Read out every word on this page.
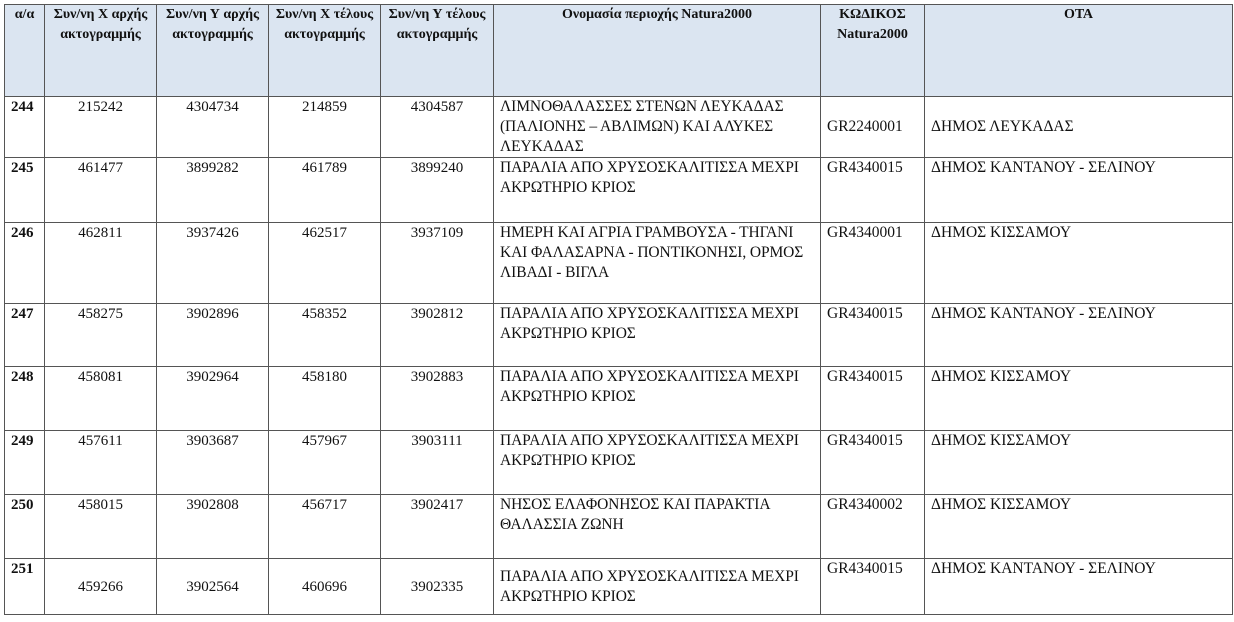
α/α	Συν/νη Χ αρχής ακτογραμμής	Συν/νη Υ αρχής ακτογραμμής	Συν/νη Χ τέλους ακτογραμμής	Συν/νη Υ τέλους ακτογραμμής	Ονομασία περιοχής Natura2000	ΚΩΔΙΚΟΣ Natura2000	ΟΤΑ
244	215242	4304734	214859	4304587	ΛΙΜΝΟΘΑΛΑΣΣΕΣ ΣΤΕΝΩΝ ΛΕΥΚΑΔΑΣ (ΠΑΛΙΟΝΗΣ – ΑΒΛΙΜΩΝ) ΚΑΙ ΑΛΥΚΕΣ ΛΕΥΚΑΔΑΣ	GR2240001	ΔΗΜΟΣ ΛΕΥΚΑΔΑΣ
245	461477	3899282	461789	3899240	ΠΑΡΑΛΙΑ ΑΠΟ ΧΡΥΣΟΣΚΑΛΙΤΙΣΣΑ ΜΕΧΡΙ ΑΚΡΩΤΗΡΙΟ ΚΡΙΟΣ	GR4340015	ΔΗΜΟΣ ΚΑΝΤΑΝΟΥ - ΣΕΛΙΝΟΥ
246	462811	3937426	462517	3937109	ΗΜΕΡΗ ΚΑΙ ΑΓΡΙΑ ΓΡΑΜΒΟΥΣΑ - ΤΗΓΑΝΙ ΚΑΙ ΦΑΛΑΣΑΡΝΑ - ΠΟΝΤΙΚΟΝΗΣΙ, ΟΡΜΟΣ ΛΙΒΑΔΙ - ΒΙΓΛΑ	GR4340001	ΔΗΜΟΣ ΚΙΣΣΑΜΟΥ
247	458275	3902896	458352	3902812	ΠΑΡΑΛΙΑ ΑΠΟ ΧΡΥΣΟΣΚΑΛΙΤΙΣΣΑ ΜΕΧΡΙ ΑΚΡΩΤΗΡΙΟ ΚΡΙΟΣ	GR4340015	ΔΗΜΟΣ ΚΑΝΤΑΝΟΥ - ΣΕΛΙΝΟΥ
248	458081	3902964	458180	3902883	ΠΑΡΑΛΙΑ ΑΠΟ ΧΡΥΣΟΣΚΑΛΙΤΙΣΣΑ ΜΕΧΡΙ ΑΚΡΩΤΗΡΙΟ ΚΡΙΟΣ	GR4340015	ΔΗΜΟΣ ΚΙΣΣΑΜΟΥ
249	457611	3903687	457967	3903111	ΠΑΡΑΛΙΑ ΑΠΟ ΧΡΥΣΟΣΚΑΛΙΤΙΣΣΑ ΜΕΧΡΙ ΑΚΡΩΤΗΡΙΟ ΚΡΙΟΣ	GR4340015	ΔΗΜΟΣ ΚΙΣΣΑΜΟΥ
250	458015	3902808	456717	3902417	ΝΗΣΟΣ ΕΛΑΦΟΝΗΣΟΣ ΚΑΙ ΠΑΡΑΚΤΙΑ ΘΑΛΑΣΣΙΑ ΖΩΝΗ	GR4340002	ΔΗΜΟΣ ΚΙΣΣΑΜΟΥ
251	459266	3902564	460696	3902335	ΠΑΡΑΛΙΑ ΑΠΟ ΧΡΥΣΟΣΚΑΛΙΤΙΣΣΑ ΜΕΧΡΙ ΑΚΡΩΤΗΡΙΟ ΚΡΙΟΣ	GR4340015	ΔΗΜΟΣ ΚΑΝΤΑΝΟΥ - ΣΕΛΙΝΟΥ
